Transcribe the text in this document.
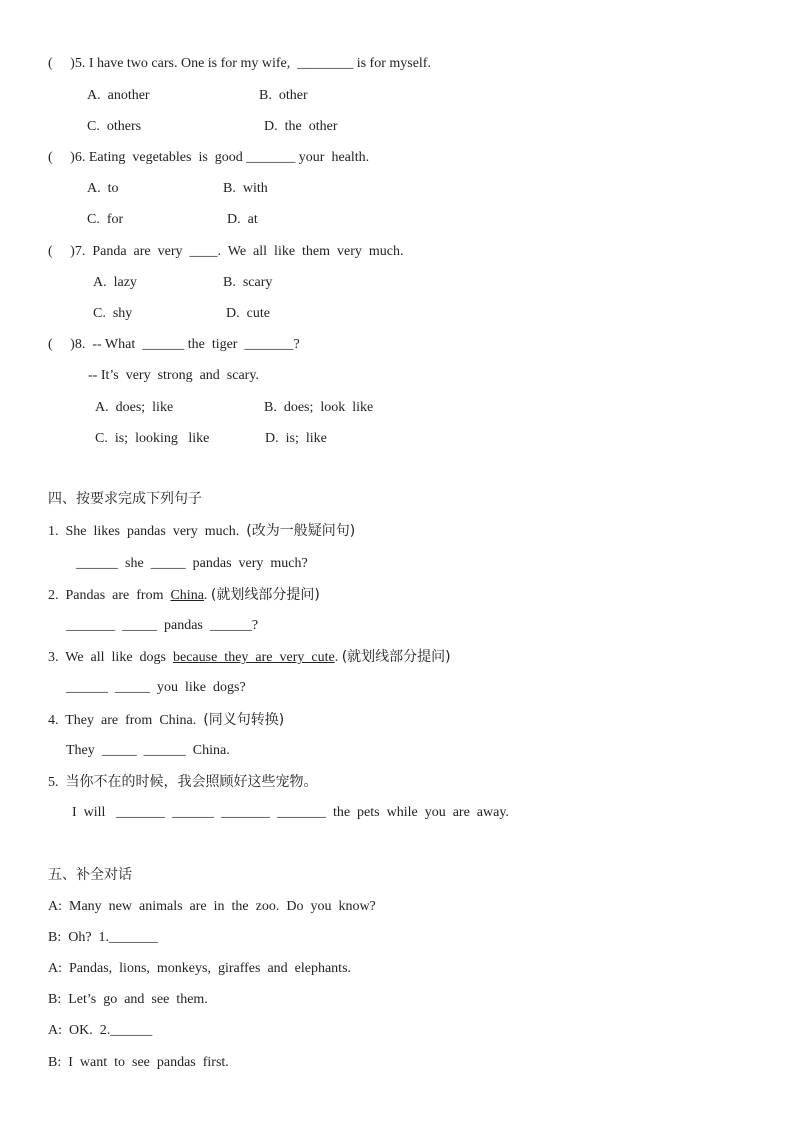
(     )5. I have two cars. One is for my wife,  ________ is for myself.
A.  another	B.  other
C.  others	D.  the  other
(     )6. Eating  vegetables  is  good _______ your  health.
A.  to	B.  with
C.  for	D.  at
(     )7.  Panda  are  very  ____.  We  all  like  them  very  much.
A.  lazy	B.  scary
C.  shy	D.  cute
(     )8.  -- What  ______ the  tiger  _______?
-- It’s  very  strong  and  scary.
A.  does;  like	B.  does;  look  like
C.  is;  looking   like	D.  is;  like
四、按要求完成下列句子
1.  She  likes  pandas  very  much.  (改为一般疑问句)
______  she  _____  pandas  very  much?
2.  Pandas  are  from  China. (就划线部分提问)
_______  _____  pandas  ______?
3.  We  all  like  dogs  because  they  are  very  cute. (就划线部分提问)
______  _____  you  like  dogs?
4.  They  are  from  China.  (同义句转换)
They  _____  ______  China.
5.  当你不在的时候，我会照顾好这些宠物。
I  will   _______  ______  _______  _______  the  pets  while  you  are  away.
五、补全对话
A:  Many  new  animals  are  in  the  zoo.  Do  you  know?
B:  Oh?  1._______
A:  Pandas,  lions,  monkeys,  giraffes  and  elephants.
B:  Let’s  go  and  see  them.
A:  OK.  2.______
B:  I  want  to  see  pandas  first.
